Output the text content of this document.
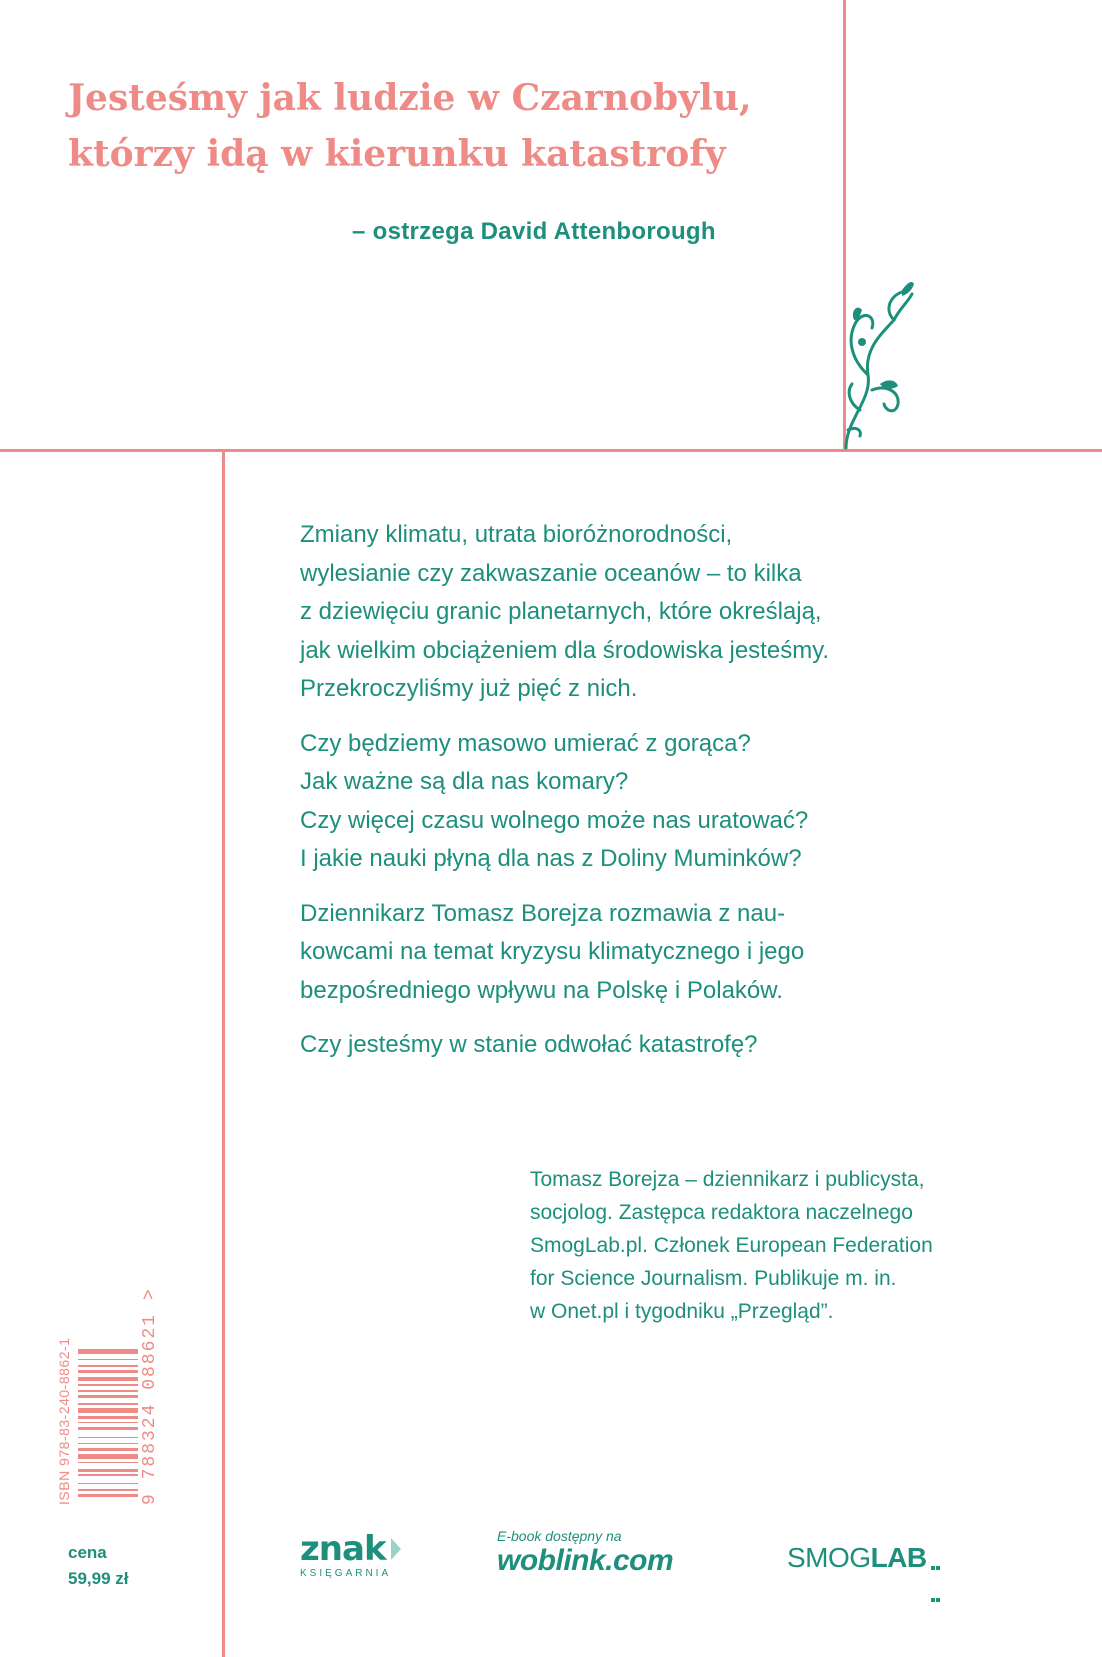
Jesteśmy jak ludzie w Czarnobylu,
którzy idą w kierunku katastrofy
– ostrzega David Attenborough
Zmiany klimatu, utrata bioróżnorodności,
wylesianie czy zakwaszanie oceanów – to kilka
z dziewięciu granic planetarnych, które określają,
jak wielkim obciążeniem dla środowiska jesteśmy.
Przekroczyliśmy już pięć z nich.
Czy będziemy masowo umierać z gorąca?
Jak ważne są dla nas komary?
Czy więcej czasu wolnego może nas uratować?
I jakie nauki płyną dla nas z Doliny Muminków?
Dziennikarz Tomasz Borejza rozmawia z nau-
kowcami na temat kryzysu klimatycznego i jego
bezpośredniego wpływu na Polskę i Polaków.
Czy jesteśmy w stanie odwołać katastrofę?
Tomasz Borejza – dziennikarz i publicysta,
socjolog. Zastępca redaktora naczelnego
SmogLab.pl. Członek European Federation
for Science Journalism. Publikuje m. in.
w Onet.pl i tygodniku „Przegląd”.
ISBN 978-83-240-8862-1	9 788324 088621 >
cena
59,99 zł
znak
KSIĘGARNIA
E-book dostępny na
woblink.com	SMOGLAB
